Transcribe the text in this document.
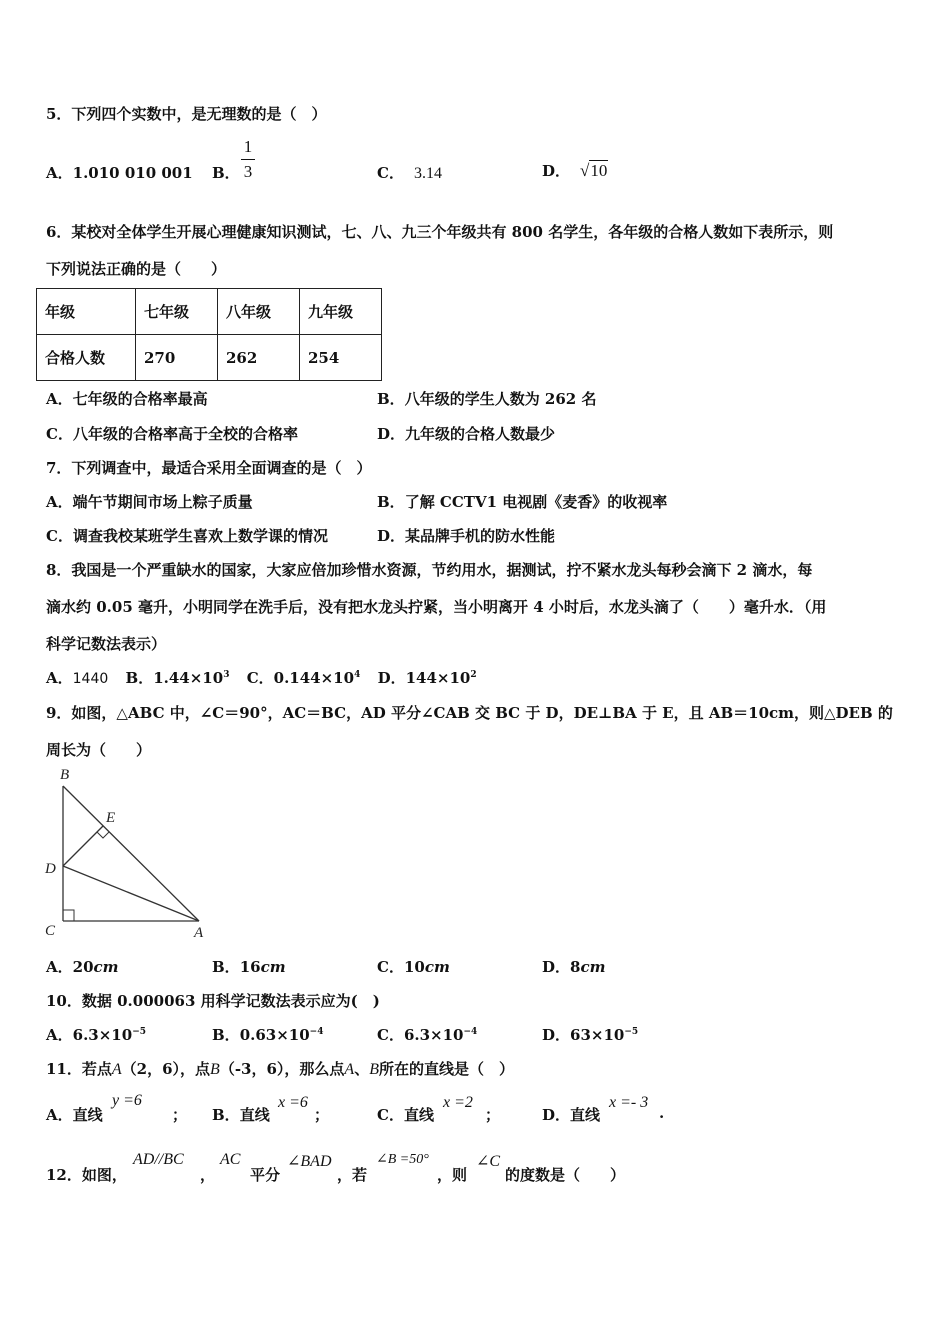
5．下列四个实数中，是无理数的是（　）
A．1.010 010 001 B．
1
3	C． 3.14	D． √10
6．某校对全体学生开展心理健康知识测试，七、八、九三个年级共有 800 名学生，各年级的合格人数如下表所示，则
下列说法正确的是（　　）
年级	七年级	八年级	九年级
合格人数	270	262	254
A．七年级的合格率最高	B．八年级的学生人数为 262 名
C．八年级的合格率高于全校的合格率	D．九年级的合格人数最少
7．下列调查中，最适合采用全面调查的是（　）
A．端午节期间市场上粽子质量	B．了解 CCTV1 电视剧《麦香》的收视率
C．调查我校某班学生喜欢上数学课的情况	D．某品牌手机的防水性能
8．我国是一个严重缺水的国家，大家应倍加珍惜水资源，节约用水，据测试，拧不紧水龙头每秒会滴下 2 滴水，每
滴水约 0.05 毫升，小明同学在洗手后，没有把水龙头拧紧，当小明离开 4 小时后，水龙头滴了（　　）毫升水．（用
科学记数法表示）
A．1440 B．$1.44\times 10^3$ C．$0.144\times 10^4$ D．$144\times 10^2$
9．如图，△ABC 中，∠C＝90°，AC＝BC，AD 平分∠CAB 交 BC 于 D，DE⊥BA 于 E，且 AB＝10cm，则△DEB 的
周长为（　　）
B
E
D
C	A
A．20cm	B．16cm	C．10cm	D．8cm
10．数据 0.000063 用科学记数法表示应为(　)
A．$6.3\times 10^{-5}$	B．$0.63\times 10^{-4}$	C．$6.3\times 10^{-4}$	D．$63\times 10^{-5}$
11．若点A（2，6），点B（-3，6），那么点A、B所在的直线是（　）
A．直线
y =6
； B．直线
x =6
；	C．直线
x =2
；	D．直线
x =- 3
.
12．如图，
AD//BC
，
AC
平分
∠BAD
，若
∠B =50°
，则
∠C
的度数是（　　）
